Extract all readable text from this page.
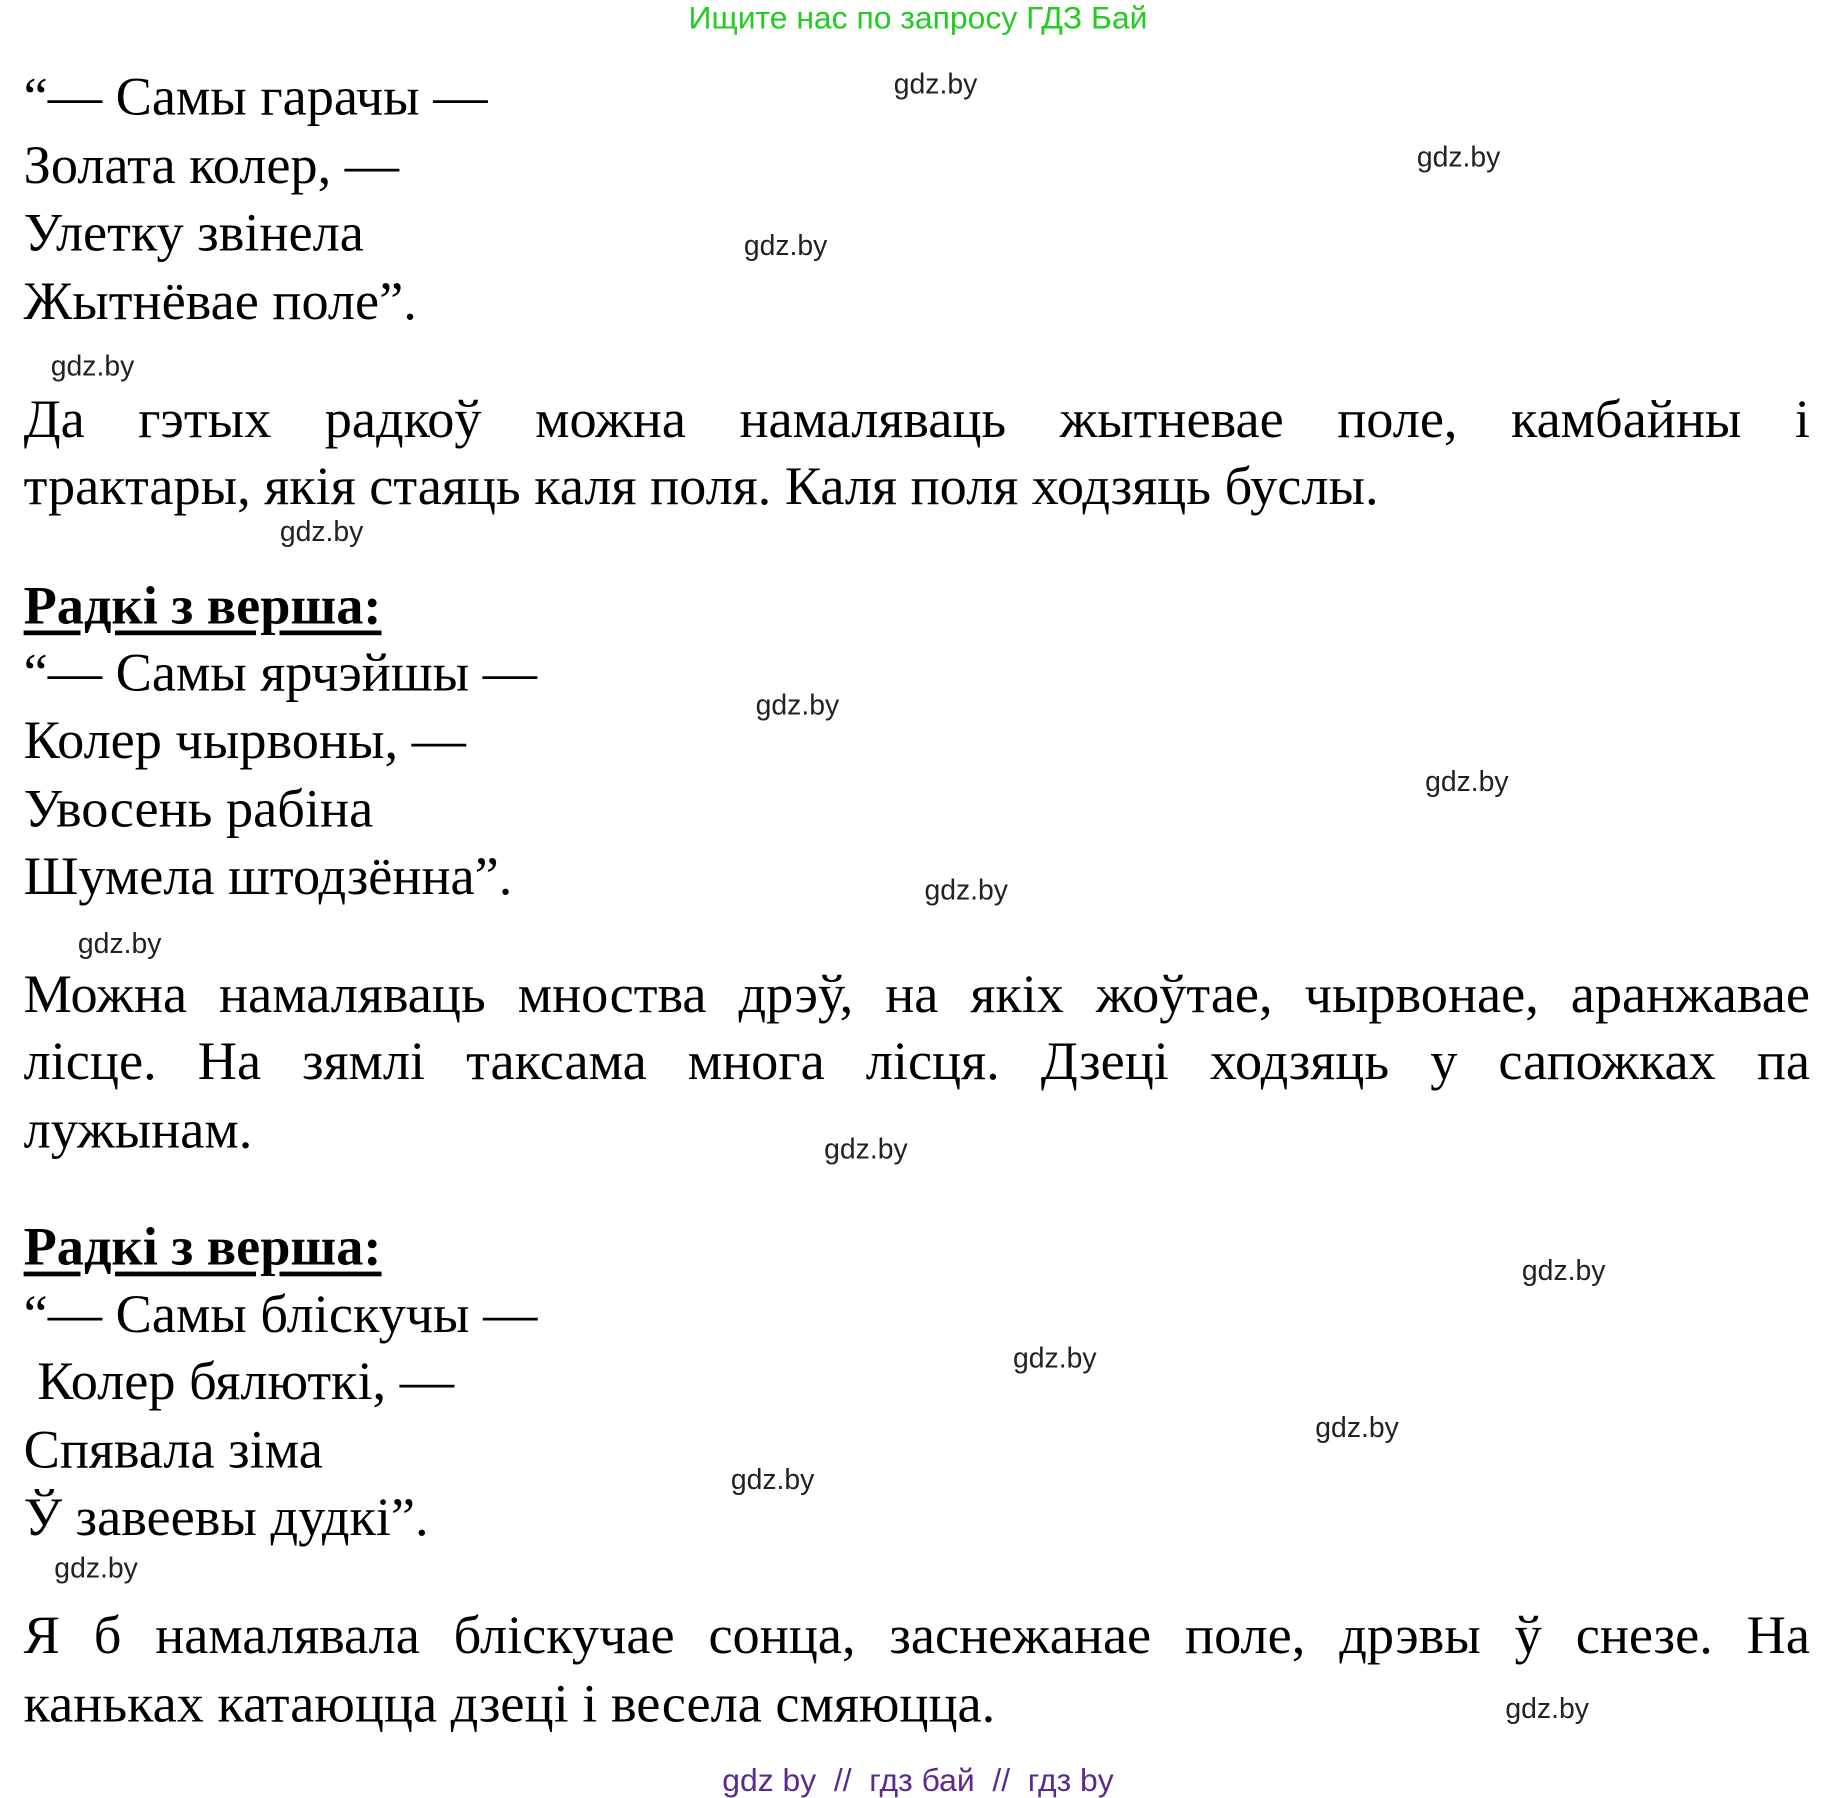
Ищите нас по запросу ГДЗ Бай
“— Самы гарачы —
Золата колер, —
Улетку звінела
Жытнёвае поле”.
Да гэтых радкоў можна намаляваць жытневае поле, камбайны і
трактары, якія стаяць каля поля. Каля поля ходзяць буслы.
Радкі з верша:
“— Самы ярчэйшы —
Колер чырвоны, —
Увосень рабіна
Шумела штодзённа”.
Можна намаляваць мноства дрэў, на якіх жоўтае, чырвонае, аранжавае
лісце. На зямлі таксама многа лісця. Дзеці ходзяць у сапожках па
лужынам.
Радкі з верша:
“— Самы бліскучы —
Колер бялюткі, —
Спявала зіма
Ў завеевы дудкі”.
Я б намалявала бліскучае сонца, заснежанае поле, дрэвы ў снезе. На
каньках катаюцца дзеці і весела смяюцца.
gdz.by
gdz.by
gdz.by
gdz.by
gdz.by
gdz.by
gdz.by
gdz.by
gdz.by
gdz.by
gdz.by
gdz.by
gdz.by
gdz.by
gdz.by
gdz.by
gdz by  //  гдз бай  //  гдз by
